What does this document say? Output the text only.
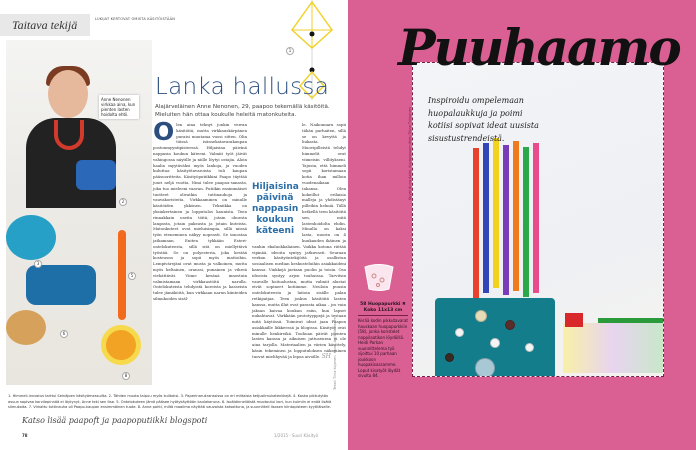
Taitava tekijä	LUKIJAT KERTOVAT OMISTA KÄSITÖISTÄÄN
Anne Nenonen virkkaa aina, kun pienten lasten hoidolta ehtii.
2
3
5
6
8
1
Lanka hallussa
Alajärveläinen Anne Nenonen, 29, paapoo tekemällä käsitöitä. Mieluiten hän ottaa koukulle heleitä matonkuteita.
O len aina tehnyt jonkin verran käsitöitä, mutta virkkauskärpänen puraisi muutama vuosi sitten. Olin töissä isänsekatavarakaupan postonmyyntipisteessä. Hiljaisina päivinä nappasin koukun käteeni. Valmiit työt jäivät vahingossa näytille ja niille löytyi ostajia. Aloin haalia myytäväksi myös lankoja, ja vuoden kuluttua käsityötavaroista tuli kaupan pääsuoritteita. Käsityöputiikkini Paapo täyttää juuri neljä vuotta. Nimi tulee paapoa-sanasta, joka tuo mieleeni vaavan. Putiikin ensimmäiset tuotteet olivatkin tuttinauhoja ja vauvakoristeita. Virkkaaminen on minulle käsitöiden ykkönen. Tekniikka on yksinkertainen ja lopputulos kaunista. Teen rinnakkain useita töitä, jotain ohuesta langasta, jotain paksusta ja jotain kuteista. Matonkuteet ovat mieluisimpia, sillä niissä työn eteneminen näkyy nopeasti. Se innostaa jatkamaan. Eniten tykkään Esteri-ontelokuteesta, sillä sitä on miellyttävä työstää. Se on polyesteria, joka kestää kosteuson ja sopii myös mattoihin. Lempivärejäni ovat musta ja valkoinen, mutta myös keltainen, oranssi, punainen ja vihreä viehättävät. Viime kesänä innostuin valmistamaan virkkaustöitä narulla. Ontelokuteista tehdyistä koreista ja kasseista tulee jämäköitä, kun virkkaan narun kiinteiden silmukoiden sisäl-
Hiljaisina päivinä nappasin koukun käteeni
le. Naikonnaru sopii tähän parhaiten, sillä se on kevyttä ja liukasta. Muovipilleistä tehdyt himmelit ovat viimeisin villitykseni. Tajusin, että himmeli sopii koristamaan kotia ihan milloin vuodenaikaan tahansa. Olen kokeillut erilaisia malleja ja yhdistänyt pilleihin helmiä. Tällä hetkellä teen käsitöitä sen, mitä lastenhoidolta ehdin. Minulla on kaksi lasta, nuorin on 4 kuukauden ikäinen ja vanhin ekaluokkalainen. Vaikka kotona riittää vipinää, ideoita syntyy jatkuvasti. Seuraan verkon käsityöntekijöitä ja osallistun sosiaalisen median keskusteluihin asiakkaideni kanssa. Vinkkejä jaetaan puolin ja toisin. Osa ideoista syntyy arjen touhuissa. Tarvitsin vauvalle hoitoalustan, mutta valmiit alustat eivät sopineet kotiimme. Neuloin puusin ontelokuteesta ja laitoin sisälle palan retkipatjaa. Teen joskus käsitöitä lasten kanssa, mutta illat ovat parasta aikaa – jos vain jaksan kaivaa koukun esiin, kun lapset nukahtavat. Värkkään prototyyppejä ja testaan mitä käytössä. Toimivat ideat jaan Paapon asiakkaille liikkeessä ja blogissa. Käsityöt ovat minulle henkireikä. Touhuan päivät pienten lasten kanssa ja aikuisen juttuseuraa ei ole aina tarjolla. Materiaalien ja värien käsittely, käsin tekeminen ja lopputuloksen näkeminen tuovat mielihyvää ja lepoa aivoille. SH
1. Himmeli-innostus tarttui Seinäjoen käsityömessuilta. 2. Tähden muoto taipuu myös kuiltoksi. 3. Paperinarukranssissa on eri mittaisia ketjusilmukatenkkejä. 4. Koska pikkutytön asuun sopivaa korvilepinnää ei löytynyt, Anne teki sen itse. 5. Ontelokuteen jämä pääsee hyötykäyttöön kaulakoruna. 6. Isoäidinneliöistä muotoutui kori, kun kulmiin ei enää lisätä silmukoita. 7. Virkattu tuttinauha oli Paapo-kaupan ensimmäinen tuote. 8. Anne pohti, miltä maailma näyttää vauvoista katsottuna, ja suunnitteli lisosen kiintopisteen kyytiläiselle.
Katso lisää paapoft ja paapoputiikki blogspoti
78	1/2015 · Suuri Käsityö
Teksti Tiina Kojonen. Kuvat Antti Nenonen.
Puuhaamo
Inspiroidu ompelemaan huopalaukkuja ja poimi kotiisi sopivat ideat uusista sisustustrendeistä.
Kuvat Anna Aalto. Kuvaussuunnittelu Taina Tirkkonen
58 Huopapurkki ✖ Koko 11x13 cm

Kerää kodin pikkutavarat hauskaan huopapurkkiin (58), jonka koristelet nappilaatikon löydöillä. Heidi Porkan suunnittelema työ sijoittui 10 parhaan joukkoon huopakisassamme. Loput kisatyöt löydät sivulta 84.
